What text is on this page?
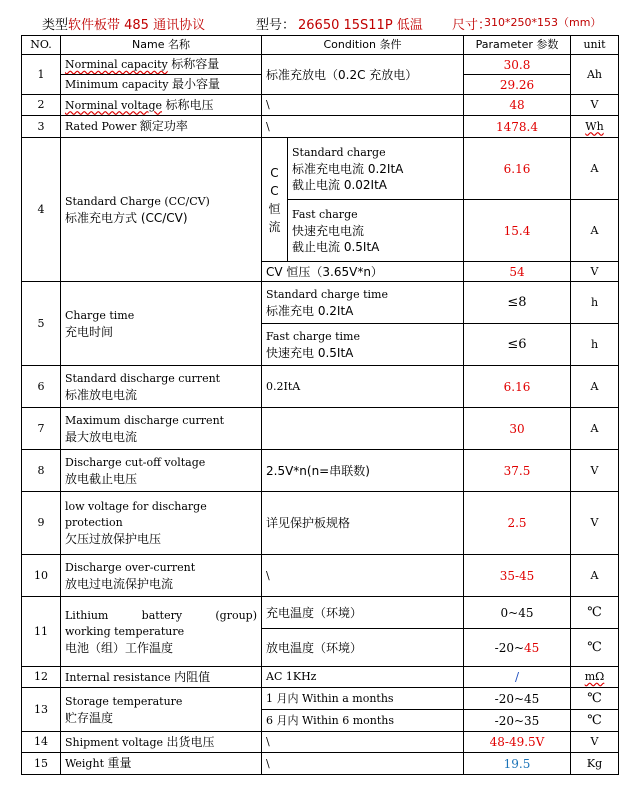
类型 软件板带 485 通讯协议	型号： 26650 15S11P 低温 尺寸：
310*250*153（mm）
NO.	Name 名称	Condition 条件		Parameter 参数	unit
1	Norminal capacity 标称容量	标准充放电（0.2C 充放电）		30.8	Ah
	Minimum capacity 最小容量			29.26	
2	Norminal voltage 标称电压	\		48	V
3	Rated Power 额定功率	\		1478.4	Wh
4	Standard Charge (CC/CV)
标准充电方式 (CC/CV)	C
C
恒
流	Standard charge
标准充电电流 0.2ItA
截止电流 0.02ItA	6.16	A

			Fast charge
快速充电电流
截止电流 0.5ItA	15.4	A
		CV 恒压（3.65V*n）		54	V
5	Charge time
充电时间	Standard charge time
标准充电 0.2ItA		≤8	h

		Fast charge time
快速充电 0.5ItA		≤6	h
6	Standard discharge current
标准放电电流	0.2ItA		6.16	A
7	Maximum discharge current
最大放电电流			30	A
8	Discharge cut-off voltage
放电截止电压	2.5V*n(n=串联数)		37.5	V
9	low voltage for discharge
protection
欠压过放保护电压	详见保护板规格		2.5	V
10	Discharge over-current
放电过电流保护电流	\		35-45	A
11	Lithium battery (group)
working temperature
电池（组）工作温度	充电温度（环境）		0~45	℃
		放电温度（环境）		-20~45	℃
12	Internal resistance 内阻值	AC 1KHz		/	mΩ
13	Storage temperature
贮存温度	1 月内 Within a months		-20~45	℃
		6 月内 Within 6 months		-20~35	℃
14	Shipment voltage 出货电压	\		48-49.5V	V
15	Weight 重量	\		19.5	Kg
